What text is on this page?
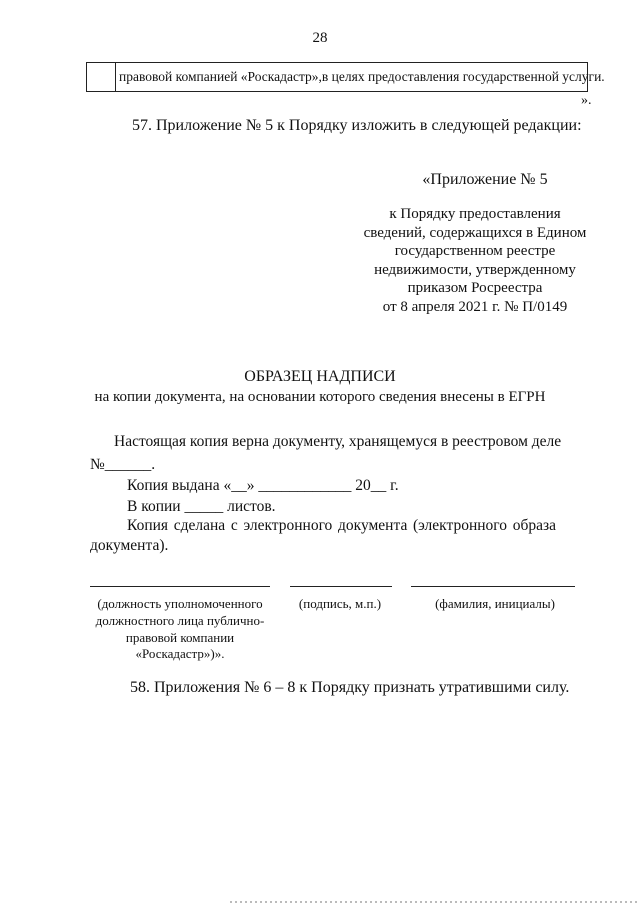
28
правовой компанией «Роскадастр»,в целях предоставления государственной услуги.
».
57. Приложение № 5 к Порядку изложить в следующей редакции:
«Приложение № 5
к Порядку предоставления
сведений, содержащихся в Едином
государственном реестре
недвижимости, утвержденному
приказом Росреестра
от 8 апреля 2021 г. № П/0149
ОБРАЗЕЦ НАДПИСИ
на копии документа, на основании которого сведения внесены в ЕГРН
Настоящая копия верна документу, хранящемуся в реестровом деле
№______.
Копия выдана «__» ____________ 20__ г.
В копии _____ листов.
Копия сделана с электронного документа (электронного образа
документа).
(должность уполномоченного
должностного лица публично-
правовой компании
«Роскадастр»)».
(подпись, м.п.)	(фамилия, инициалы)
58. Приложения № 6 – 8 к Порядку признать утратившими силу.
